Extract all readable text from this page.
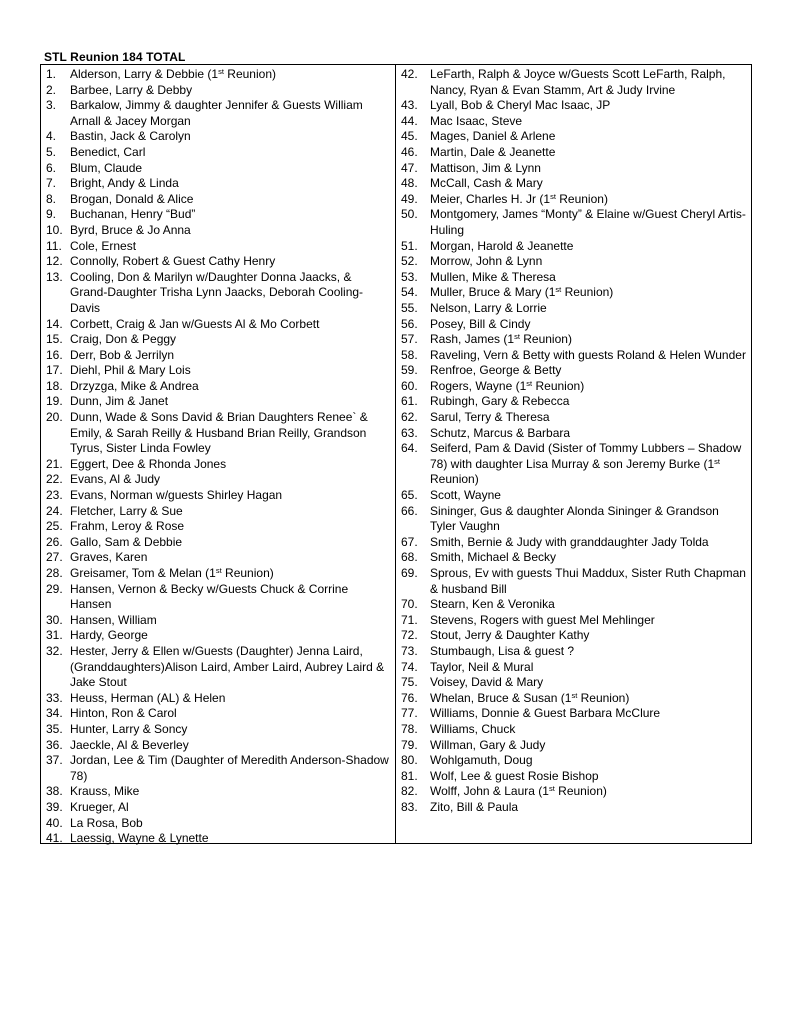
STL Reunion 184 TOTAL
1. Alderson, Larry & Debbie (1st Reunion)
2. Barbee, Larry & Debby
3. Barkalow, Jimmy & daughter Jennifer & Guests William Arnall & Jacey Morgan
4. Bastin, Jack & Carolyn
5. Benedict, Carl
6. Blum, Claude
7. Bright, Andy & Linda
8. Brogan, Donald & Alice
9. Buchanan, Henry “Bud”
10. Byrd, Bruce & Jo Anna
11. Cole, Ernest
12. Connolly, Robert & Guest Cathy Henry
13. Cooling, Don & Marilyn w/Daughter Donna Jaacks, & Grand-Daughter Trisha Lynn Jaacks, Deborah Cooling-Davis
14. Corbett, Craig & Jan w/Guests Al & Mo Corbett
15. Craig, Don & Peggy
16. Derr, Bob & Jerrilyn
17. Diehl, Phil & Mary Lois
18. Drzyzga, Mike & Andrea
19. Dunn, Jim & Janet
20. Dunn, Wade & Sons David & Brian Daughters Renee` & Emily, & Sarah Reilly & Husband Brian Reilly, Grandson Tyrus, Sister Linda Fowley
21. Eggert, Dee & Rhonda Jones
22. Evans, Al & Judy
23. Evans, Norman w/guests Shirley Hagan
24. Fletcher, Larry & Sue
25. Frahm, Leroy & Rose
26. Gallo, Sam & Debbie
27. Graves, Karen
28. Greisamer, Tom & Melan (1st Reunion)
29. Hansen, Vernon & Becky w/Guests Chuck & Corrine Hansen
30. Hansen, William
31. Hardy, George
32. Hester, Jerry & Ellen w/Guests (Daughter) Jenna Laird, (Granddaughters)Alison Laird, Amber Laird, Aubrey Laird & Jake Stout
33. Heuss, Herman (AL) & Helen
34. Hinton, Ron & Carol
35. Hunter, Larry & Soncy
36. Jaeckle, Al & Beverley
37. Jordan, Lee & Tim (Daughter of Meredith Anderson-Shadow 78)
38. Krauss, Mike
39. Krueger, Al
40. La Rosa, Bob
41. Laessig, Wayne & Lynette
42. LeFarth, Ralph & Joyce w/Guests Scott LeFarth, Ralph, Nancy, Ryan & Evan Stamm, Art & Judy Irvine
43. Lyall, Bob & Cheryl Mac Isaac, JP
44. Mac Isaac, Steve
45. Mages, Daniel & Arlene
46. Martin, Dale & Jeanette
47. Mattison, Jim & Lynn
48. McCall, Cash & Mary
49. Meier, Charles H. Jr (1st Reunion)
50. Montgomery, James “Monty” & Elaine w/Guest Cheryl Artis-Huling
51. Morgan, Harold & Jeanette
52. Morrow, John & Lynn
53. Mullen, Mike & Theresa
54. Muller, Bruce & Mary (1st Reunion)
55. Nelson, Larry & Lorrie
56. Posey, Bill & Cindy
57. Rash, James (1st Reunion)
58. Raveling, Vern & Betty with guests Roland & Helen Wunder
59. Renfroe, George & Betty
60. Rogers, Wayne (1st Reunion)
61. Rubingh, Gary & Rebecca
62. Sarul, Terry & Theresa
63. Schutz, Marcus & Barbara
64. Seiferd, Pam & David (Sister of Tommy Lubbers – Shadow 78) with daughter Lisa Murray & son Jeremy Burke (1st Reunion)
65. Scott, Wayne
66. Sininger, Gus & daughter Alonda Sininger & Grandson Tyler Vaughn
67. Smith, Bernie & Judy with granddaughter Jady Tolda
68. Smith, Michael & Becky
69. Sprous, Ev with guests Thui Maddux, Sister Ruth Chapman & husband Bill
70. Stearn, Ken & Veronika
71. Stevens, Rogers with guest Mel Mehlinger
72. Stout, Jerry & Daughter Kathy
73. Stumbaugh, Lisa & guest ?
74. Taylor, Neil & Mural
75. Voisey, David & Mary
76. Whelan, Bruce & Susan (1st Reunion)
77. Williams, Donnie & Guest Barbara McClure
78. Williams, Chuck
79. Willman, Gary & Judy
80. Wohlgamuth, Doug
81. Wolf, Lee & guest Rosie Bishop
82. Wolff, John & Laura (1st Reunion)
83. Zito, Bill & Paula
